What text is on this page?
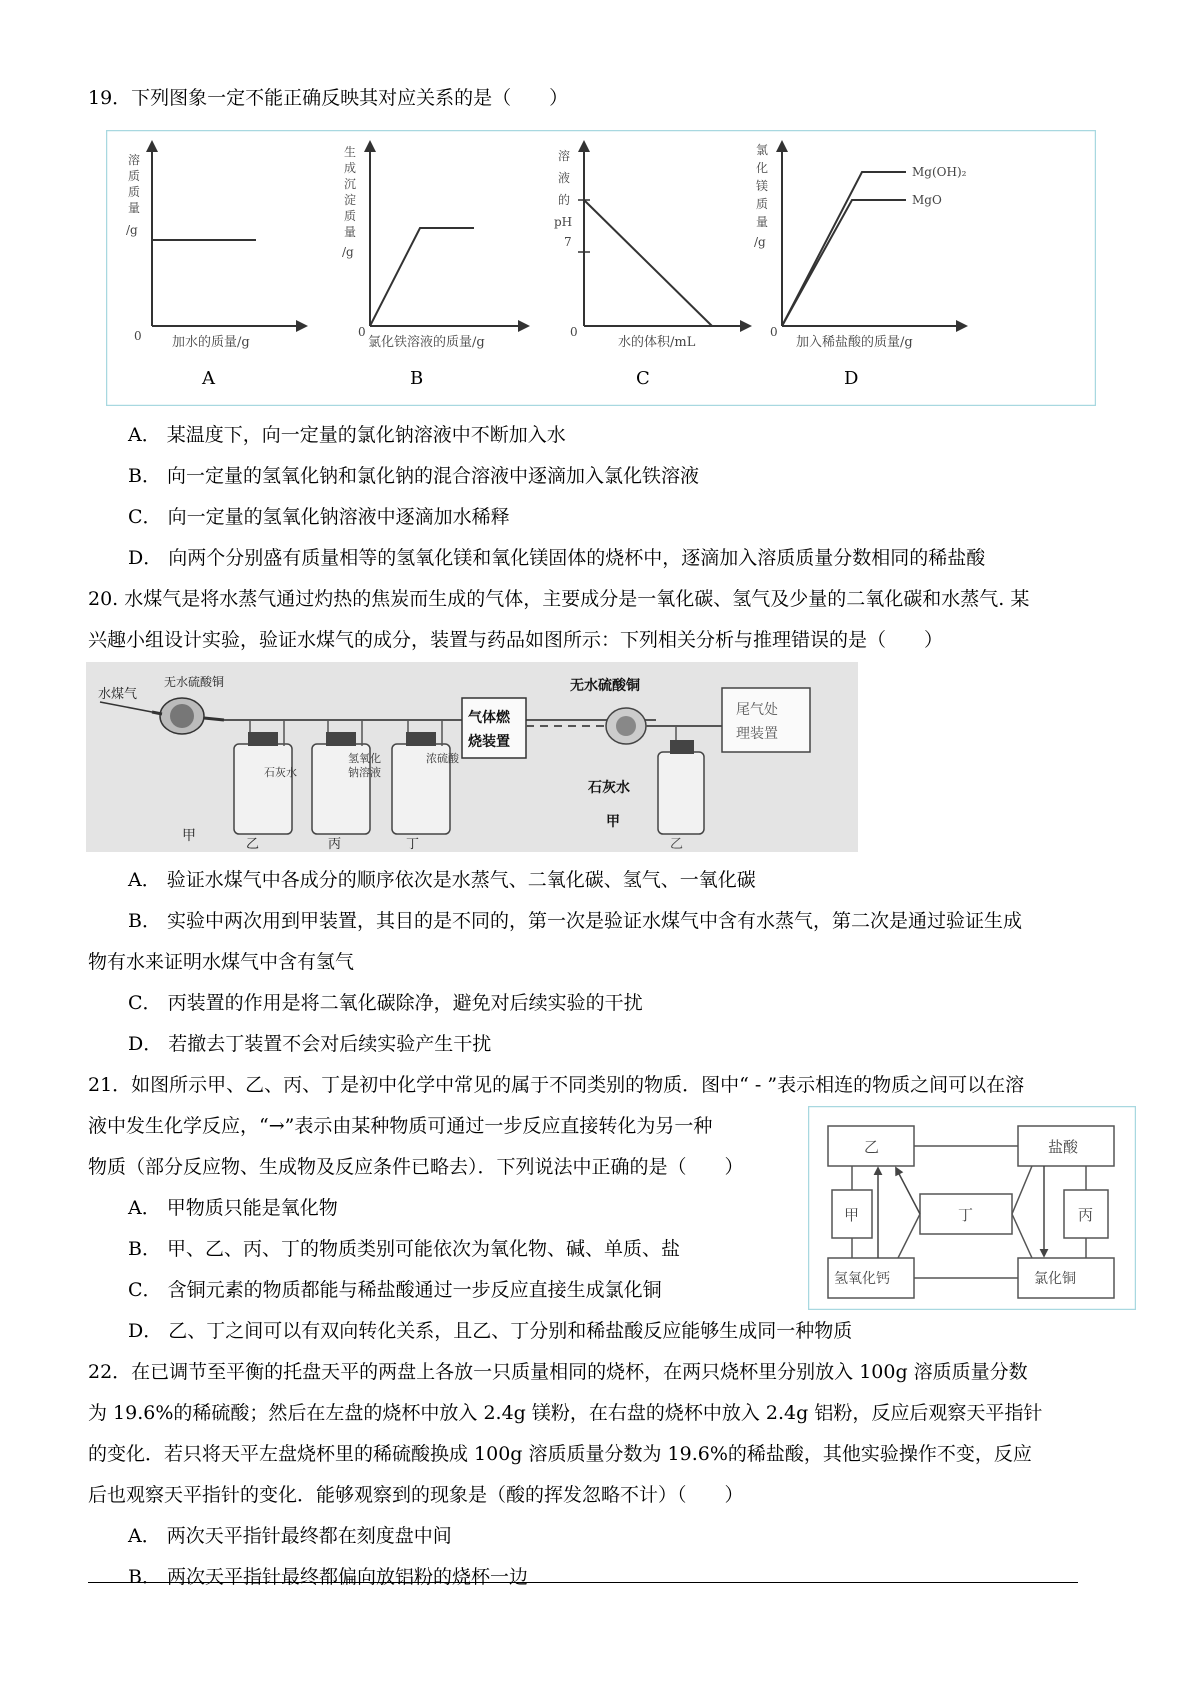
19．下列图象一定不能正确反映其对应关系的是（　　）
溶
质
质
量
/g
0 加水的质量/g
A
生
成
沉
淀
质
量
/g
0
氯化铁溶液的质量/g
B
溶
液
的
pH
7
0
水的体积/mL
C
氯
化
镁
质
量
/g
Mg(OH)₂
MgO
0
加入稀盐酸的质量/g
D
A． 某温度下，向一定量的氯化钠溶液中不断加入水
B． 向一定量的氢氧化钠和氯化钠的混合溶液中逐滴加入氯化铁溶液
C． 向一定量的氢氧化钠溶液中逐滴加水稀释
D． 向两个分别盛有质量相等的氢氧化镁和氧化镁固体的烧杯中，逐滴加入溶质质量分数相同的稀盐酸
20. 水煤气是将水蒸气通过灼热的焦炭而生成的气体，主要成分是一氧化碳、氢气及少量的二氧化碳和水蒸气. 某
兴趣小组设计实验，验证水煤气的成分，装置与药品如图所示：下列相关分析与推理错误的是（　　）
水煤气
无水硫酸铜
甲
石灰水
乙
氢氧化
钠溶液
丙
浓硫酸
丁
气体燃
烧装置
无水硫酸铜
石灰水
甲
乙
尾气处
理装置
A． 验证水煤气中各成分的顺序依次是水蒸气、二氧化碳、氢气、一氧化碳
B． 实验中两次用到甲装置，其目的是不同的，第一次是验证水煤气中含有水蒸气，第二次是通过验证生成
物有水来证明水煤气中含有氢气
C． 丙装置的作用是将二氧化碳除净，避免对后续实验的干扰
D． 若撤去丁装置不会对后续实验产生干扰
21．如图所示甲、乙、丙、丁是初中化学中常见的属于不同类别的物质．图中“ - ”表示相连的物质之间可以在溶
液中发生化学反应，“→”表示由某种物质可通过一步反应直接转化为另一种
物质（部分反应物、生成物及反应条件已略去）．下列说法中正确的是（　　）
乙	盐酸
甲	丙
丁
氢氧化钙	氯化铜
A． 甲物质只能是氧化物
B． 甲、乙、丙、丁的物质类别可能依次为氧化物、碱、单质、盐
C． 含铜元素的物质都能与稀盐酸通过一步反应直接生成氯化铜
D． 乙、丁之间可以有双向转化关系，且乙、丁分别和稀盐酸反应能够生成同一种物质
22．在已调节至平衡的托盘天平的两盘上各放一只质量相同的烧杯，在两只烧杯里分别放入 100g 溶质质量分数
为 19.6%的稀硫酸；然后在左盘的烧杯中放入 2.4g 镁粉，在右盘的烧杯中放入 2.4g 铝粉，反应后观察天平指针
的变化．若只将天平左盘烧杯里的稀硫酸换成 100g 溶质质量分数为 19.6%的稀盐酸，其他实验操作不变，反应
后也观察天平指针的变化．能够观察到的现象是（酸的挥发忽略不计）（　　）
A． 两次天平指针最终都在刻度盘中间
B． 两次天平指针最终都偏向放铝粉的烧杯一边
